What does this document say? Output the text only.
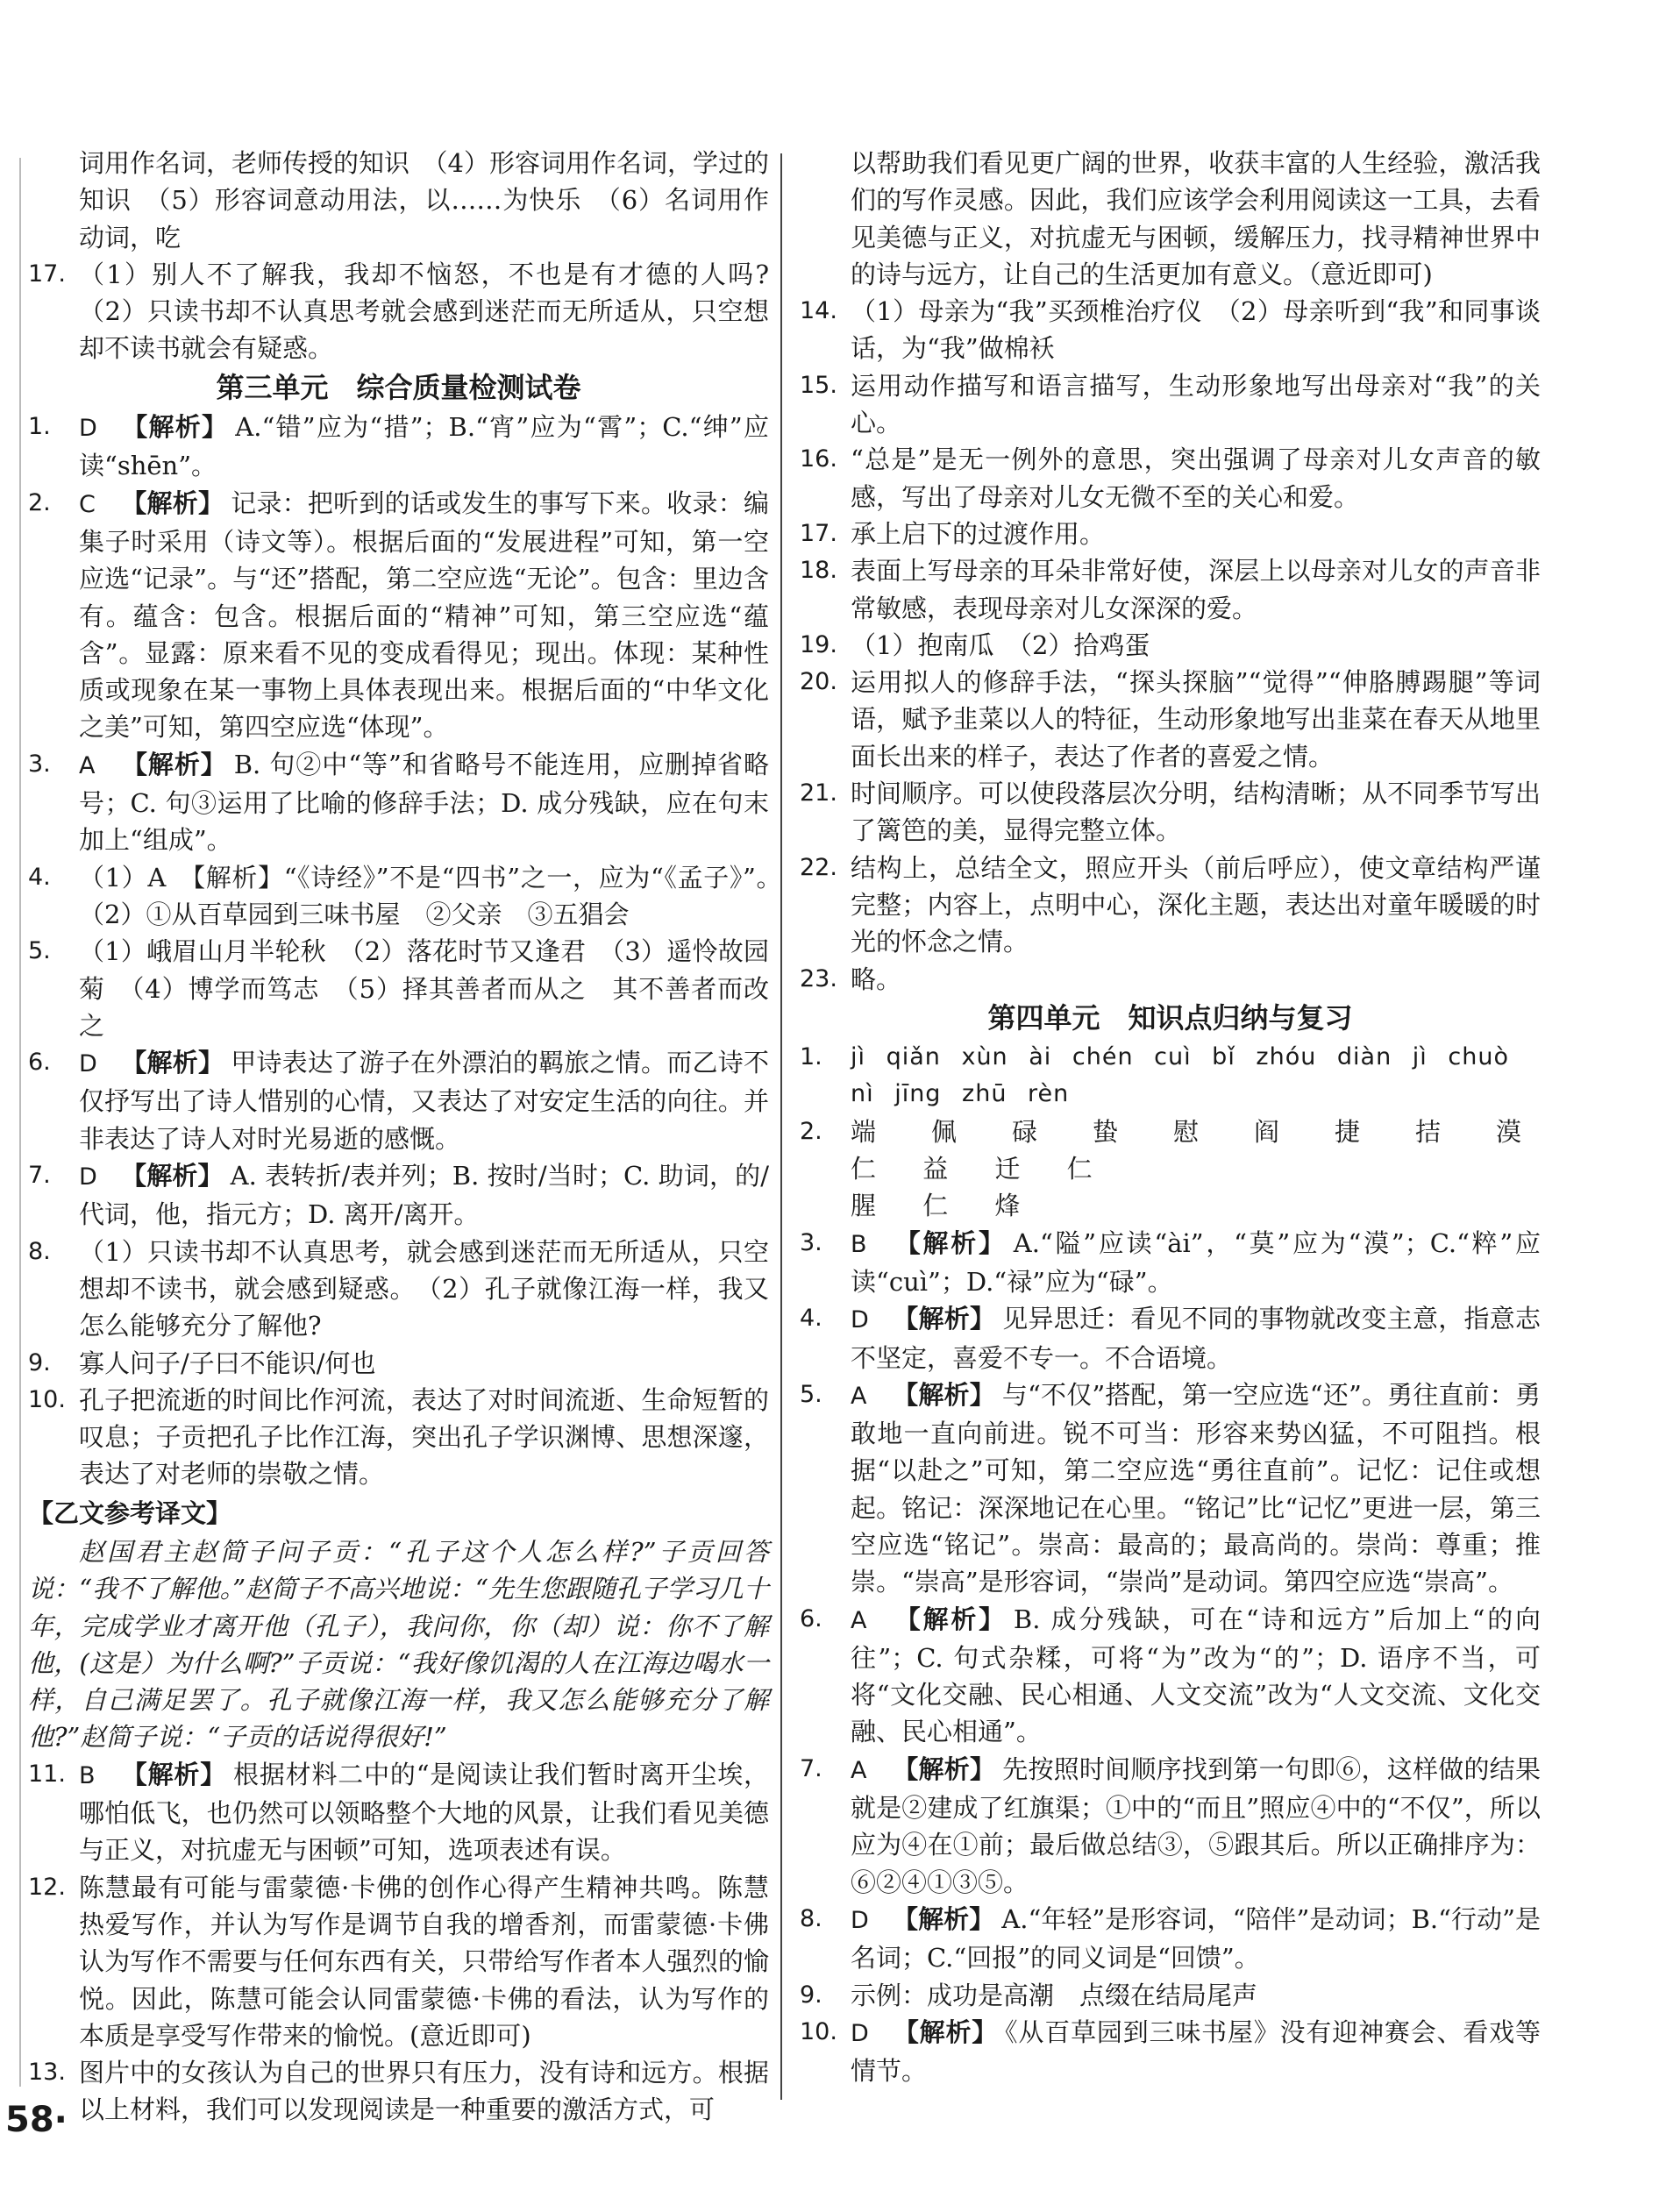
词用作名词，老师传授的知识　（4）形容词用作名词，学过的知识　（5）形容词意动用法，以……为快乐　（6）名词用作动词，吃
17. （1）别人不了解我，我却不恼怒，不也是有才德的人吗?（2）只读书却不认真思考就会感到迷茫而无所适从，只空想却不读书就会有疑惑。
第三单元 综合质量检测试卷
1.	D 【解析】 A.“错”应为“措”；B.“宵”应为“霄”；C.“绅”应读“shēn”。
2.	C 【解析】 记录：把听到的话或发生的事写下来。收录：编集子时采用（诗文等）。根据后面的“发展进程”可知，第一空应选“记录”。与“还”搭配，第二空应选“无论”。包含：里边含有。蕴含：包含。根据后面的“精神”可知，第三空应选“蕴含”。显露：原来看不见的变成看得见；现出。体现：某种性质或现象在某一事物上具体表现出来。根据后面的“中华文化之美”可知，第四空应选“体现”。
3.	A 【解析】 B. 句②中“等”和省略号不能连用，应删掉省略号；C. 句③运用了比喻的修辞手法；D. 成分残缺，应在句末加上“组成”。
4.	（1）A　【解析】“《诗经》”不是“四书”之一，应为“《孟子》”。　（2）①从百草园到三味书屋　②父亲　③五猖会
5.	（1）峨眉山月半轮秋　（2）落花时节又逢君　（3）遥怜故园菊　（4）博学而笃志　（5）择其善者而从之　其不善者而改之
6.	D 【解析】 甲诗表达了游子在外漂泊的羁旅之情。而乙诗不仅抒写出了诗人惜别的心情，又表达了对安定生活的向往。并非表达了诗人对时光易逝的感慨。
7.	D 【解析】 A. 表转折/表并列；B. 按时/当时；C. 助词，的/代词，他，指元方；D. 离开/离开。
8.	（1）只读书却不认真思考，就会感到迷茫而无所适从，只空想却不读书，就会感到疑惑。　（2）孔子就像江海一样，我又怎么能够充分了解他?
9.	寡人问子/子曰不能识/何也
10. 孔子把流逝的时间比作河流，表达了对时间流逝、生命短暂的叹息；子贡把孔子比作江海，突出孔子学识渊博、思想深邃，表达了对老师的崇敬之情。
【乙文参考译文】
赵国君主赵简子问子贡：“孔子这个人怎么样?”子贡回答说：“我不了解他。”赵简子不高兴地说：“先生您跟随孔子学习几十年，完成学业才离开他（孔子），我问你，你（却）说：你不了解他，(这是）为什么啊?”子贡说：“我好像饥渴的人在江海边喝水一样，自己满足罢了。孔子就像江海一样，我又怎么能够充分了解他?”赵简子说：“子贡的话说得很好!”
11. B 【解析】 根据材料二中的“是阅读让我们暂时离开尘埃，哪怕低飞，也仍然可以领略整个大地的风景，让我们看见美德与正义，对抗虚无与困顿”可知，选项表述有误。
12. 陈慧最有可能与雷蒙德·卡佛的创作心得产生精神共鸣。陈慧热爱写作，并认为写作是调节自我的增香剂，而雷蒙德·卡佛认为写作不需要与任何东西有关，只带给写作者本人强烈的愉悦。因此，陈慧可能会认同雷蒙德·卡佛的看法，认为写作的本质是享受写作带来的愉悦。(意近即可)
13. 图片中的女孩认为自己的世界只有压力，没有诗和远方。根据以上材料，我们可以发现阅读是一种重要的激活方式，可
以帮助我们看见更广阔的世界，收获丰富的人生经验，激活我们的写作灵感。因此，我们应该学会利用阅读这一工具，去看见美德与正义，对抗虚无与困顿，缓解压力，找寻精神世界中的诗与远方，让自己的生活更加有意义。（意近即可)
14. （1）母亲为“我”买颈椎治疗仪　（2）母亲听到“我”和同事谈话，为“我”做棉袄
15. 运用动作描写和语言描写，生动形象地写出母亲对“我”的关心。
16. “总是”是无一例外的意思，突出强调了母亲对儿女声音的敏感，写出了母亲对儿女无微不至的关心和爱。
17. 承上启下的过渡作用。
18. 表面上写母亲的耳朵非常好使，深层上以母亲对儿女的声音非常敏感，表现母亲对儿女深深的爱。
19. （1）抱南瓜　（2）拾鸡蛋
20. 运用拟人的修辞手法，“探头探脑”“觉得”“伸胳膊踢腿”等词语，赋予韭菜以人的特征，生动形象地写出韭菜在春天从地里面长出来的样子，表达了作者的喜爱之情。
21. 时间顺序。可以使段落层次分明，结构清晰；从不同季节写出了篱笆的美，显得完整立体。
22. 结构上，总结全文，照应开头（前后呼应），使文章结构严谨完整；内容上，点明中心，深化主题，表达出对童年暖暖的时光的怀念之情。
23. 略。
第四单元 知识点归纳与复习
1.	jì qiǎn xùn ài chén cuì bǐ zhóu diàn jì chuò
nì jīng zhū rèn
2.	端 佩 碌 蛰 慰 阎 捷 拮 漠 仁 益 迁 仁
腥 仁 烽
3.	B 【解析】 A.“隘”应读“ài”，“莫”应为“漠”；C.“粹”应读“cuì”；D.“禄”应为“碌”。
4.	D 【解析】 见异思迁：看见不同的事物就改变主意，指意志不坚定，喜爱不专一。不合语境。
5.	A 【解析】 与“不仅”搭配，第一空应选“还”。勇往直前：勇敢地一直向前进。锐不可当：形容来势凶猛，不可阻挡。根据“以赴之”可知，第二空应选“勇往直前”。记忆：记住或想起。铭记：深深地记在心里。“铭记”比“记忆”更进一层，第三空应选“铭记”。崇高：最高的；最高尚的。崇尚：尊重；推崇。“崇高”是形容词，“崇尚”是动词。第四空应选“崇高”。
6.	A 【解析】 B. 成分残缺，可在“诗和远方”后加上“的向往”；C. 句式杂糅，可将“为”改为“的”；D. 语序不当，可将“文化交融、民心相通、人文交流”改为“人文交流、文化交融、民心相通”。
7.	A 【解析】 先按照时间顺序找到第一句即⑥，这样做的结果就是②建成了红旗渠；①中的“而且”照应④中的“不仅”，所以应为④在①前；最后做总结③，⑤跟其后。所以正确排序为：⑥②④①③⑤。
8.	D 【解析】 A.“年轻”是形容词，“陪伴”是动词；B.“行动”是名词；C.“回报”的同义词是“回馈”。
9.	示例：成功是高潮　点缀在结局尾声
10. D 【解析】 《从百草园到三味书屋》没有迎神赛会、看戏等情节。
58·
